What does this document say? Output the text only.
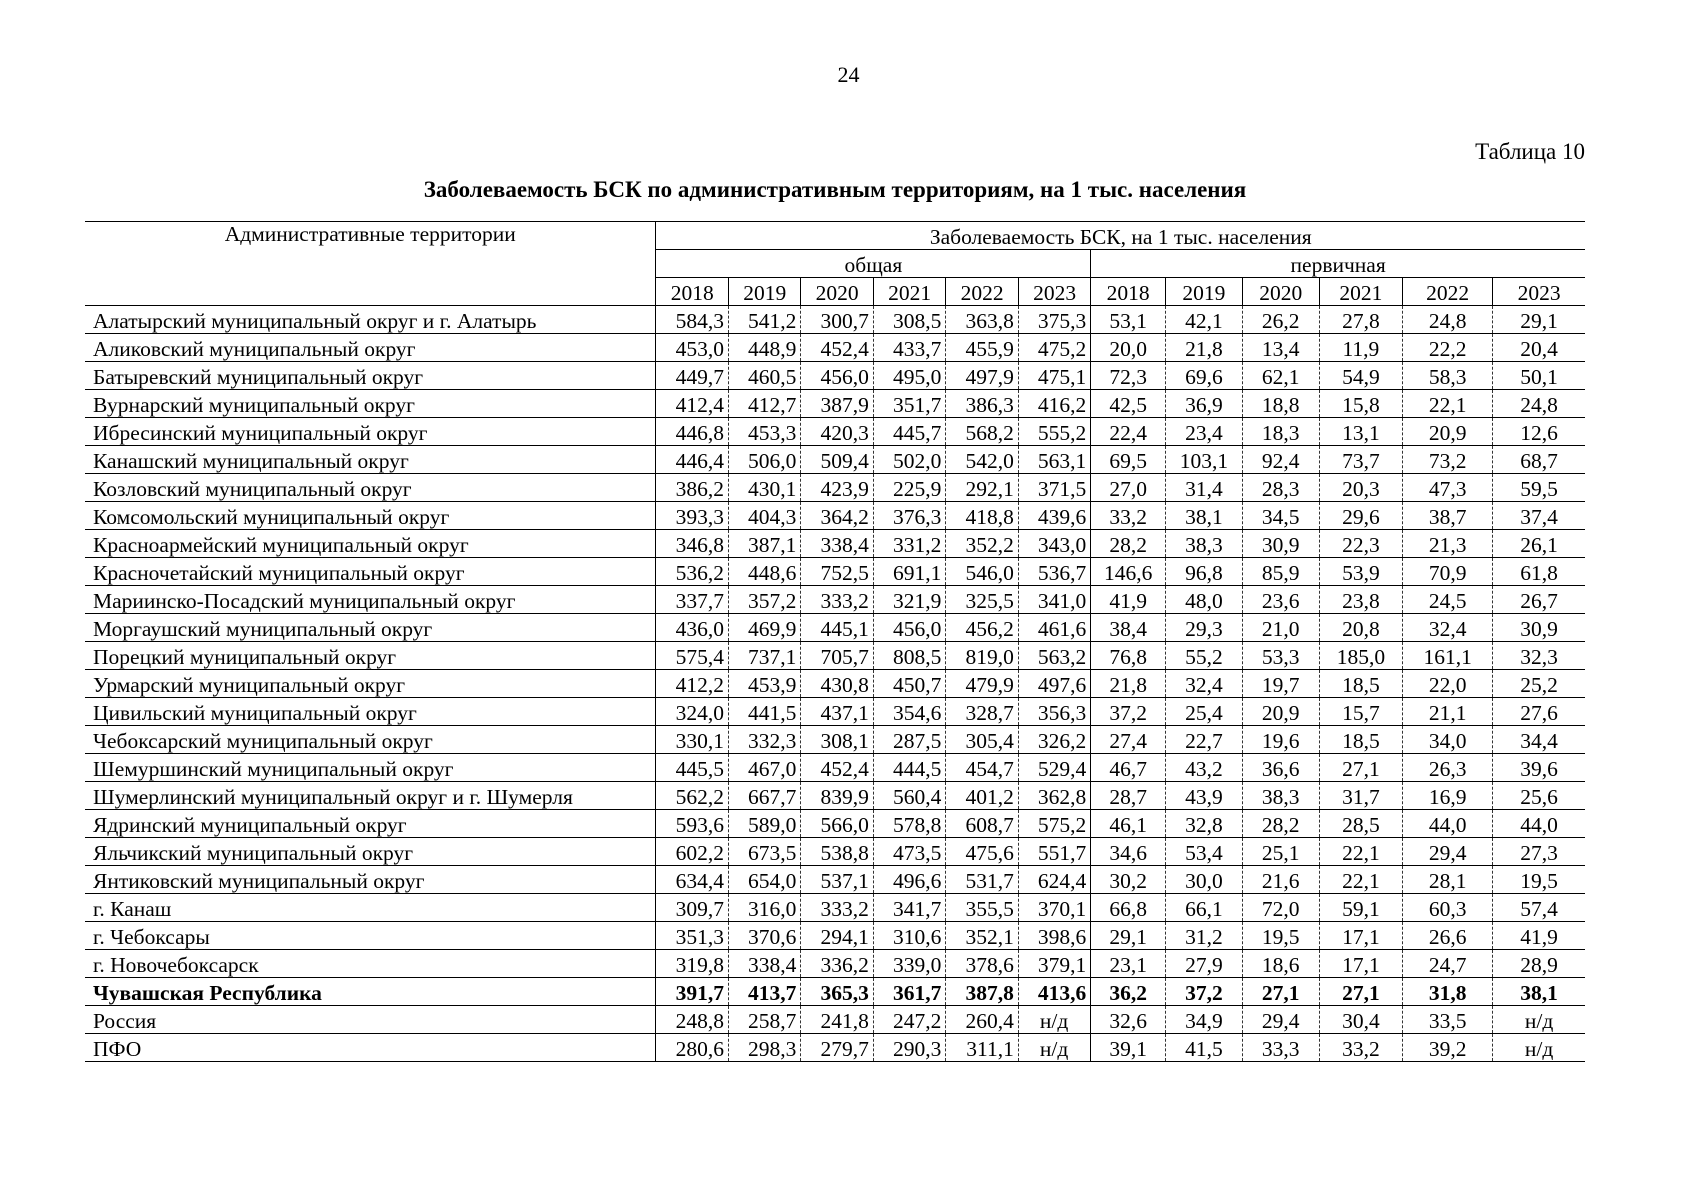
24
Таблица 10
Заболеваемость БСК по административным территориям, на 1 тыс. населения
Административные территории	Заболеваемость БСК, на 1 тыс. населения											
	общая						первичная					
	2018	2019	2020	2021	2022	2023	2018	2019	2020	2021	2022	2023
Алатырский муниципальный округ и г. Алатырь	584,3	541,2	300,7	308,5	363,8	375,3	53,1	42,1	26,2	27,8	24,8	29,1
Аликовский муниципальный округ	453,0	448,9	452,4	433,7	455,9	475,2	20,0	21,8	13,4	11,9	22,2	20,4
Батыревский муниципальный округ	449,7	460,5	456,0	495,0	497,9	475,1	72,3	69,6	62,1	54,9	58,3	50,1
Вурнарский муниципальный округ	412,4	412,7	387,9	351,7	386,3	416,2	42,5	36,9	18,8	15,8	22,1	24,8
Ибресинский муниципальный округ	446,8	453,3	420,3	445,7	568,2	555,2	22,4	23,4	18,3	13,1	20,9	12,6
Канашский муниципальный округ	446,4	506,0	509,4	502,0	542,0	563,1	69,5	103,1	92,4	73,7	73,2	68,7
Козловский муниципальный округ	386,2	430,1	423,9	225,9	292,1	371,5	27,0	31,4	28,3	20,3	47,3	59,5
Комсомольский муниципальный округ	393,3	404,3	364,2	376,3	418,8	439,6	33,2	38,1	34,5	29,6	38,7	37,4
Красноармейский муниципальный округ	346,8	387,1	338,4	331,2	352,2	343,0	28,2	38,3	30,9	22,3	21,3	26,1
Красночетайский муниципальный округ	536,2	448,6	752,5	691,1	546,0	536,7	146,6	96,8	85,9	53,9	70,9	61,8
Мариинско-Посадский муниципальный округ	337,7	357,2	333,2	321,9	325,5	341,0	41,9	48,0	23,6	23,8	24,5	26,7
Моргаушский муниципальный округ	436,0	469,9	445,1	456,0	456,2	461,6	38,4	29,3	21,0	20,8	32,4	30,9
Порецкий муниципальный округ	575,4	737,1	705,7	808,5	819,0	563,2	76,8	55,2	53,3	185,0	161,1	32,3
Урмарский муниципальный округ	412,2	453,9	430,8	450,7	479,9	497,6	21,8	32,4	19,7	18,5	22,0	25,2
Цивильский муниципальный округ	324,0	441,5	437,1	354,6	328,7	356,3	37,2	25,4	20,9	15,7	21,1	27,6
Чебоксарский муниципальный округ	330,1	332,3	308,1	287,5	305,4	326,2	27,4	22,7	19,6	18,5	34,0	34,4
Шемуршинский муниципальный округ	445,5	467,0	452,4	444,5	454,7	529,4	46,7	43,2	36,6	27,1	26,3	39,6
Шумерлинский муниципальный округ и г. Шумерля	562,2	667,7	839,9	560,4	401,2	362,8	28,7	43,9	38,3	31,7	16,9	25,6
Ядринский муниципальный округ	593,6	589,0	566,0	578,8	608,7	575,2	46,1	32,8	28,2	28,5	44,0	44,0
Яльчикский муниципальный округ	602,2	673,5	538,8	473,5	475,6	551,7	34,6	53,4	25,1	22,1	29,4	27,3
Янтиковский муниципальный округ	634,4	654,0	537,1	496,6	531,7	624,4	30,2	30,0	21,6	22,1	28,1	19,5
г. Канаш	309,7	316,0	333,2	341,7	355,5	370,1	66,8	66,1	72,0	59,1	60,3	57,4
г. Чебоксары	351,3	370,6	294,1	310,6	352,1	398,6	29,1	31,2	19,5	17,1	26,6	41,9
г. Новочебоксарск	319,8	338,4	336,2	339,0	378,6	379,1	23,1	27,9	18,6	17,1	24,7	28,9
Чувашская Республика	391,7	413,7	365,3	361,7	387,8	413,6	36,2	37,2	27,1	27,1	31,8	38,1
Россия	248,8	258,7	241,8	247,2	260,4	н/д	32,6	34,9	29,4	30,4	33,5	н/д
ПФО	280,6	298,3	279,7	290,3	311,1	н/д	39,1	41,5	33,3	33,2	39,2	н/д
